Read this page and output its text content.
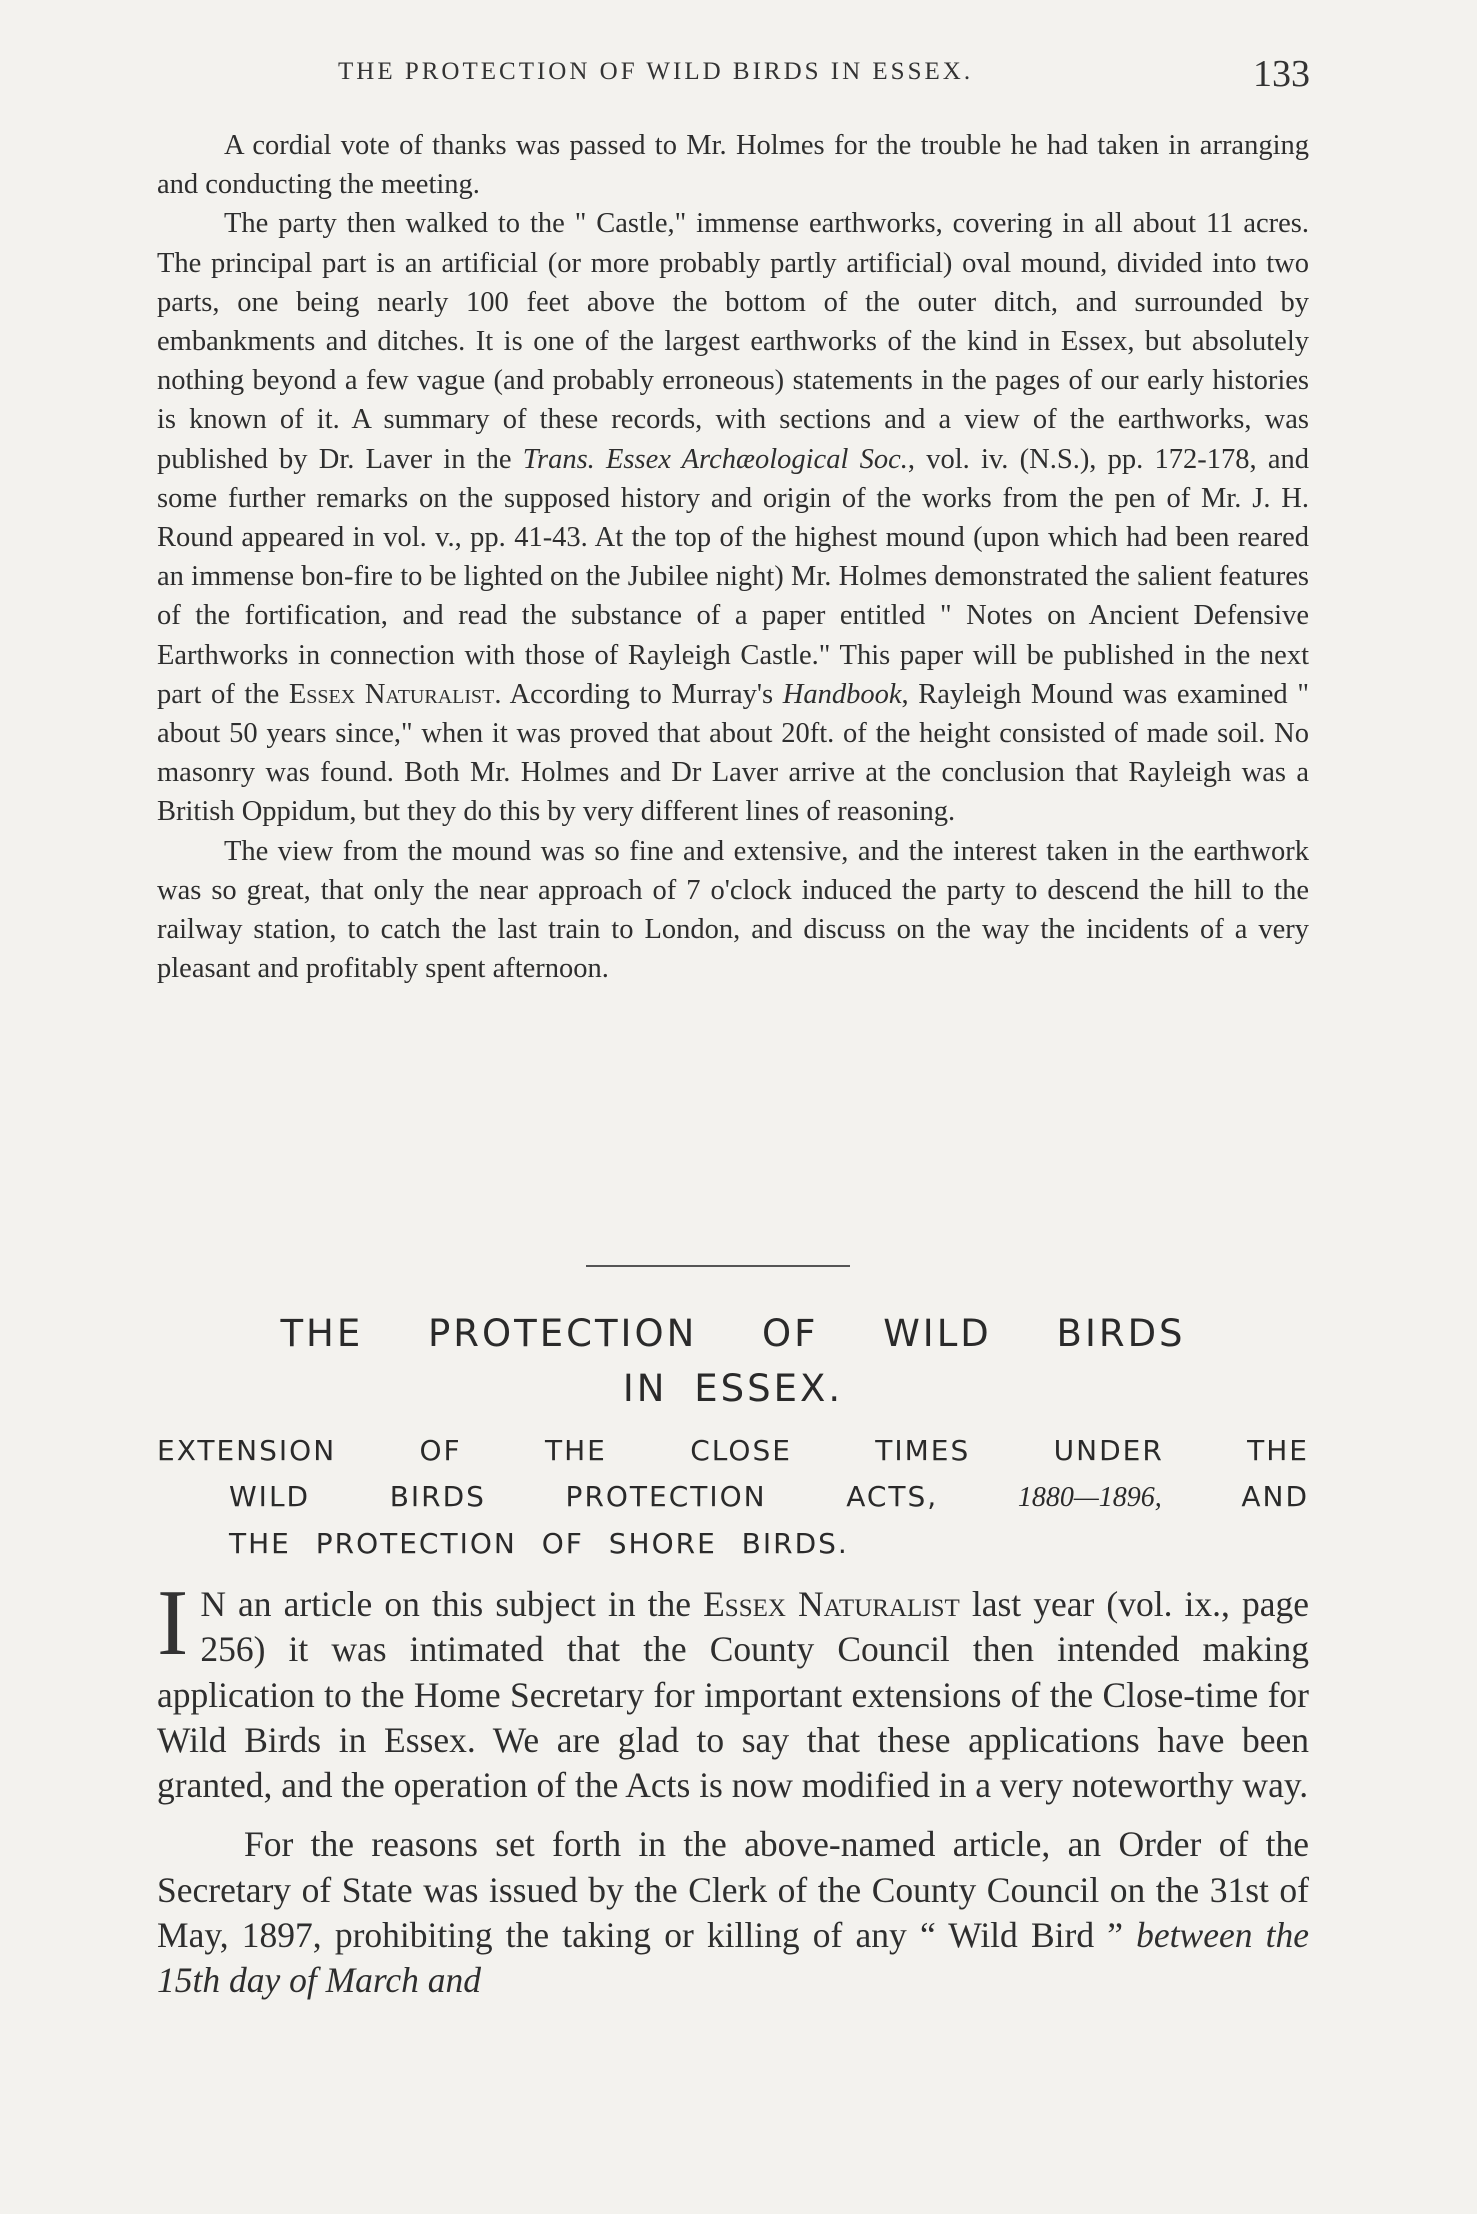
THE PROTECTION OF WILD BIRDS IN ESSEX.	133

A cordial vote of thanks was passed to Mr. Holmes for the trouble he had taken in arranging and conducting the meeting.

The party then walked to the " Castle," immense earthworks, covering in all about 11 acres. The principal part is an artificial (or more probably partly artificial) oval mound, divided into two parts, one being nearly 100 feet above the bottom of the outer ditch, and surrounded by embankments and ditches. It is one of the largest earthworks of the kind in Essex, but absolutely nothing beyond a few vague (and probably erroneous) statements in the pages of our early histories is known of it. A summary of these records, with sections and a view of the earthworks, was published by Dr. Laver in the Trans. Essex Archæological Soc., vol. iv. (N.S.), pp. 172-178, and some further remarks on the supposed history and origin of the works from the pen of Mr. J. H. Round appeared in vol. v., pp. 41-43. At the top of the highest mound (upon which had been reared an immense bon-fire to be lighted on the Jubilee night) Mr. Holmes demonstrated the salient features of the fortification, and read the substance of a paper entitled " Notes on Ancient Defensive Earthworks in connection with those of Rayleigh Castle." This paper will be published in the next part of the Essex Naturalist. According to Murray's Handbook, Rayleigh Mound was examined " about 50 years since," when it was proved that about 20ft. of the height consisted of made soil. No masonry was found. Both Mr. Holmes and Dr Laver arrive at the conclusion that Rayleigh was a British Oppidum, but they do this by very different lines of reasoning.

The view from the mound was so fine and extensive, and the interest taken in the earthwork was so great, that only the near approach of 7 o'clock induced the party to descend the hill to the railway station, to catch the last train to London, and discuss on the way the incidents of a very pleasant and profitably spent afternoon.

THE PROTECTION OF WILD BIRDS
IN ESSEX.
EXTENSION OF THE CLOSE TIMES UNDER THE
WILD BIRDS PROTECTION ACTS,	1880—1896,	AND
THE PROTECTION OF SHORE BIRDS.

I N an article on this subject in the Essex Naturalist last year (vol. ix., page 256) it was intimated that the County Council then intended making application to the Home Secretary for important extensions of the Close-time for Wild Birds in Essex. We are glad to say that these applications have been granted, and the operation of the Acts is now modified in a very noteworthy way.

For the reasons set forth in the above-named article, an Order of the Secretary of State was issued by the Clerk of the County Council on the 31st of May, 1897, prohibiting the taking or killing of any “ Wild Bird ” between the 15th day of March and
